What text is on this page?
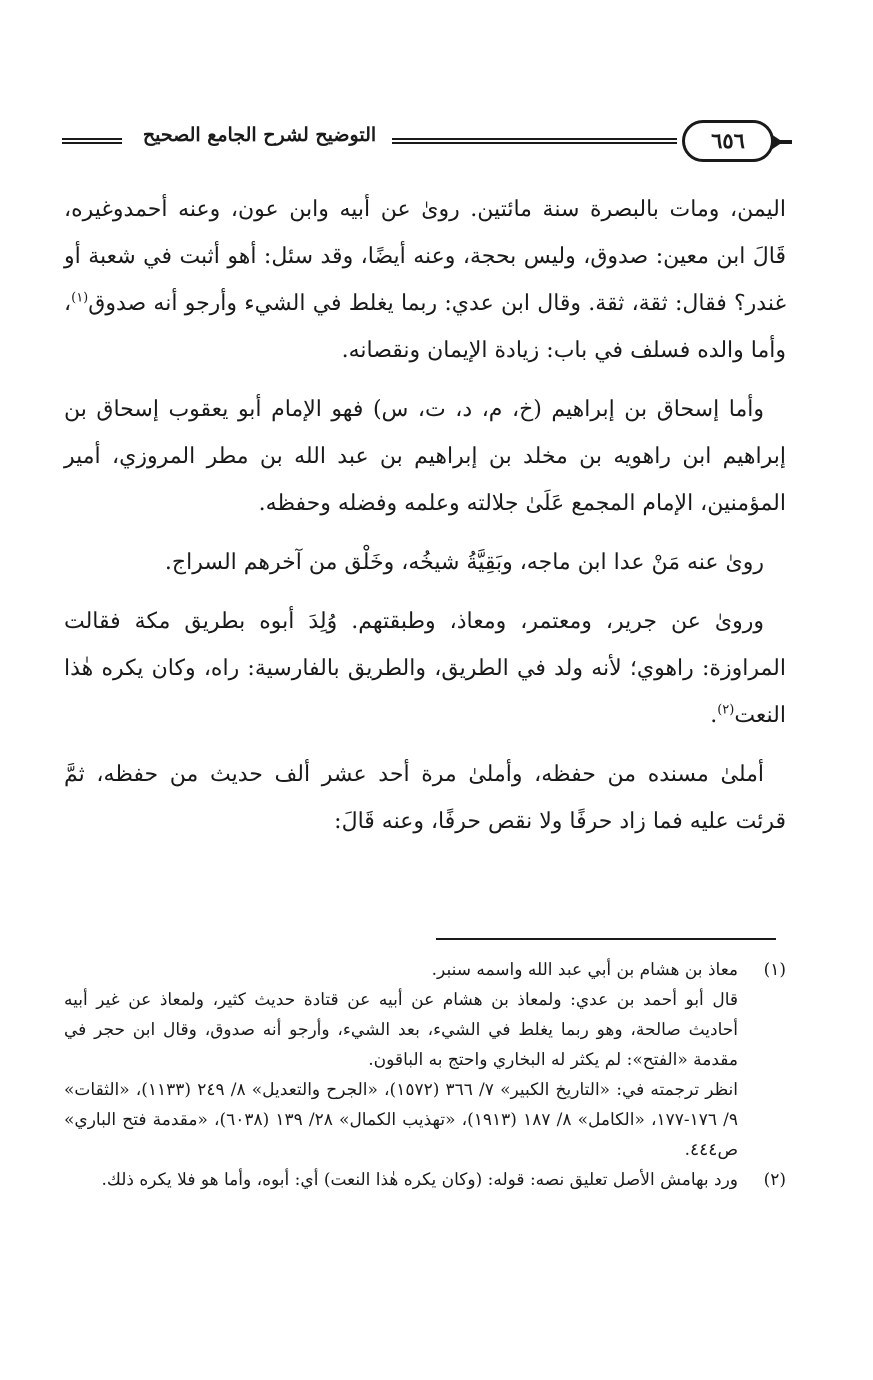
التوضيح لشرح الجامع الصحيح	٦٥٦

اليمن، ومات بالبصرة سنة مائتين. روىٰ عن أبيه وابن عون، وعنه أحمدوغيره، قَالَ ابن معين: صدوق، وليس بحجة، وعنه أيضًا، وقد سئل: أهو أثبت في شعبة أو غندر؟ فقال: ثقة، ثقة. وقال ابن عدي: ربما يغلط في الشيء وأرجو أنه صدوق$^{(١)}$، وأما والده فسلف في باب: زيادة الإيمان ونقصانه.

وأما إسحاق بن إبراهيم (خ، م، د، ت، س) فهو الإمام أبو يعقوب إسحاق بن إبراهيم ابن راهويه بن مخلد بن إبراهيم بن عبد الله بن مطر المروزي، أمير المؤمنين، الإمام المجمع عَلَىٰ جلالته وعلمه وفضله وحفظه.

روىٰ عنه مَنْ عدا ابن ماجه، وبَقِيَّةُ شيخُه، وخَلْق من آخرهم السراج.

وروىٰ عن جرير، ومعتمر، ومعاذ، وطبقتهم. وُلِدَ أبوه بطريق مكة فقالت المراوزة: راهوي؛ لأنه ولد في الطريق، والطريق بالفارسية: راه، وكان يكره هٰذا النعت$^{(٢)}$.

أملىٰ مسنده من حفظه، وأملىٰ مرة أحد عشر ألف حديث من حفظه، ثمَّ قرئت عليه فما زاد حرفًا ولا نقص حرفًا، وعنه قَالَ:

(١)
معاذ بن هشام بن أبي عبد الله واسمه سنبر.
قال أبو أحمد بن عدي: ولمعاذ بن هشام عن أبيه عن قتادة حديث كثير، ولمعاذ عن غير أبيه أحاديث صالحة، وهو ربما يغلط في الشيء، بعد الشيء، وأرجو أنه صدوق، وقال ابن حجر في مقدمة «الفتح»: لم يكثر له البخاري واحتج به الباقون.
انظر ترجمته في: «التاريخ الكبير» ٧/ ٣٦٦ (١٥٧٢)، «الجرح والتعديل» ٨/ ٢٤٩ (١١٣٣)، «الثقات» ٩/ ١٧٦-١٧٧، «الكامل» ٨/ ١٨٧ (١٩١٣)، «تهذيب الكمال» ٢٨/ ١٣٩ (٦٠٣٨)، «مقدمة فتح الباري» ص٤٤٤.
(٢)
ورد بهامش الأصل تعليق نصه: قوله: (وكان يكره هٰذا النعت) أي: أبوه، وأما هو فلا يكره ذلك.
